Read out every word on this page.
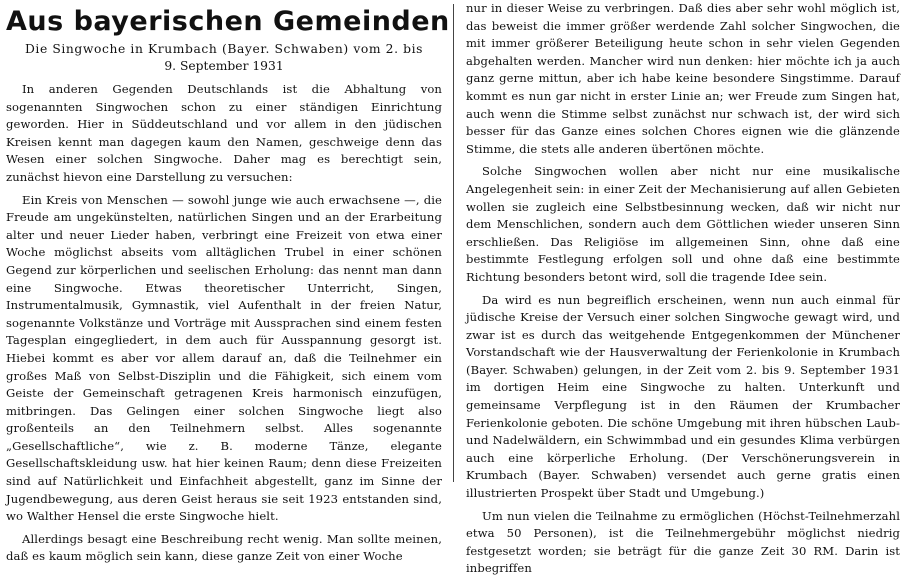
Aus bayerischen Gemeinden
Die Singwoche in Krumbach (Bayer. Schwaben) vom 2. bis
9. September 1931

In anderen Gegenden Deutschlands ist die Abhaltung von sogenannten Singwochen schon zu einer ständigen Einrichtung geworden. Hier in Süddeutschland und vor allem in den jüdischen Kreisen kennt man dagegen kaum den Namen, geschweige denn das Wesen einer solchen Singwoche. Daher mag es berechtigt sein, zunächst hievon eine Darstellung zu versuchen:

Ein Kreis von Menschen — sowohl junge wie auch erwachsene —, die Freude am ungekünstelten, natürlichen Singen und an der Erarbeitung alter und neuer Lieder haben, verbringt eine Freizeit von etwa einer Woche möglichst abseits vom alltäglichen Trubel in einer schönen Gegend zur körperlichen und seelischen Erholung: das nennt man dann eine Singwoche. Etwas theoretischer Unterricht, Singen, Instrumentalmusik, Gymnastik, viel Aufenthalt in der freien Natur, sogenannte Volkstänze und Vorträge mit Aussprachen sind einem festen Tagesplan eingegliedert, in dem auch für Ausspannung gesorgt ist. Hiebei kommt es aber vor allem darauf an, daß die Teilnehmer ein großes Maß von Selbst-Disziplin und die Fähigkeit, sich einem vom Geiste der Gemeinschaft getragenen Kreis harmonisch einzufügen, mitbringen. Das Gelingen einer solchen Singwoche liegt also großenteils an den Teilnehmern selbst. Alles sogenannte „Gesellschaftliche“, wie z. B. moderne Tänze, elegante Gesellschaftskleidung usw. hat hier keinen Raum; denn diese Freizeiten sind auf Natürlichkeit und Einfachheit abgestellt, ganz im Sinne der Jugendbewegung, aus deren Geist heraus sie seit 1923 entstanden sind, wo Walther Hensel die erste Singwoche hielt.

Allerdings besagt eine Beschreibung recht wenig. Man sollte meinen, daß es kaum möglich sein kann, diese ganze Zeit von einer Woche

nur in dieser Weise zu verbringen. Daß dies aber sehr wohl möglich ist, das beweist die immer größer werdende Zahl solcher Singwochen, die mit immer größerer Beteiligung heute schon in sehr vielen Gegenden abgehalten werden. Mancher wird nun denken: hier möchte ich ja auch ganz gerne mittun, aber ich habe keine besondere Singstimme. Darauf kommt es nun gar nicht in erster Linie an; wer Freude zum Singen hat, auch wenn die Stimme selbst zunächst nur schwach ist, der wird sich besser für das Ganze eines solchen Chores eignen wie die glänzende Stimme, die stets alle anderen übertönen möchte.

Solche Singwochen wollen aber nicht nur eine musikalische Angelegenheit sein: in einer Zeit der Mechanisierung auf allen Gebieten wollen sie zugleich eine Selbstbesinnung wecken, daß wir nicht nur dem Menschlichen, sondern auch dem Göttlichen wieder unseren Sinn erschließen. Das Religiöse im allgemeinen Sinn, ohne daß eine bestimmte Festlegung erfolgen soll und ohne daß eine bestimmte Richtung besonders betont wird, soll die tragende Idee sein.

Da wird es nun begreiflich erscheinen, wenn nun auch einmal für jüdische Kreise der Versuch einer solchen Singwoche gewagt wird, und zwar ist es durch das weitgehende Entgegenkommen der Münchener Vorstandschaft wie der Hausverwaltung der Ferienkolonie in Krumbach (Bayer. Schwaben) gelungen, in der Zeit vom 2. bis 9. September 1931 im dortigen Heim eine Singwoche zu halten. Unterkunft und gemeinsame Verpflegung ist in den Räumen der Krumbacher Ferienkolonie geboten. Die schöne Umgebung mit ihren hübschen Laub- und Nadelwäldern, ein Schwimmbad und ein gesundes Klima verbürgen auch eine körperliche Erholung. (Der Verschönerungsverein in Krumbach (Bayer. Schwaben) versendet auch gerne gratis einen illustrierten Prospekt über Stadt und Umgebung.)

Um nun vielen die Teilnahme zu ermöglichen (Höchst-Teilnehmerzahl etwa 50 Personen), ist die Teilnehmergebühr möglichst niedrig festgesetzt worden; sie beträgt für die ganze Zeit 30 RM. Darin ist inbegriffen
